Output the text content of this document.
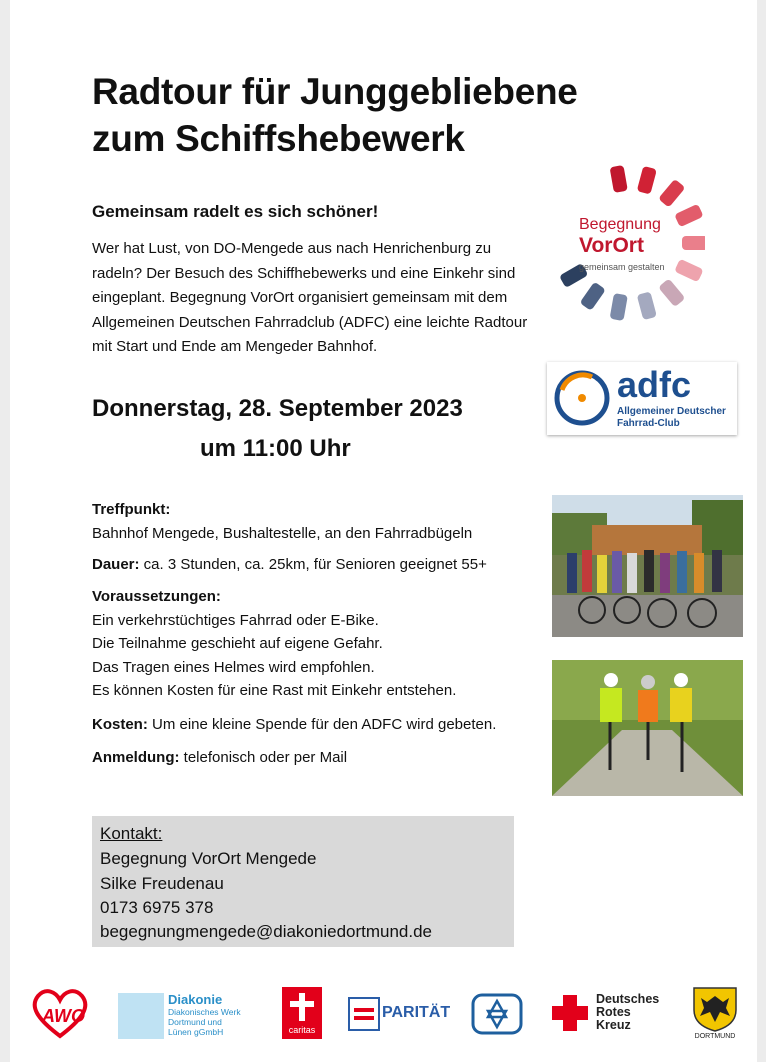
Radtour für Junggebliebene
zum Schiffshebewerk
Gemeinsam radelt es sich schöner!
Wer hat Lust, von DO-Mengede aus nach Henrichenburg zu radeln? Der Besuch des Schiffhebewerks und eine Einkehr sind eingeplant. Begegnung VorOrt organisiert gemeinsam mit dem Allgemeinen Deutschen Fahrradclub (ADFC) eine leichte Radtour mit Start und Ende am Mengeder Bahnhof.
Donnerstag, 28. September 2023
um 11:00 Uhr
Treffpunkt:
Bahnhof Mengede, Bushaltestelle, an den Fahrradbügeln
Dauer: ca. 3 Stunden, ca. 25km, für Senioren geeignet 55+
Voraussetzungen:
Ein verkehrstüchtiges Fahrrad oder E-Bike.
Die Teilnahme geschieht auf eigene Gefahr.
Das Tragen eines Helmes wird empfohlen.
Es können Kosten für eine Rast mit Einkehr entstehen.
Kosten: Um eine kleine Spende für den ADFC wird gebeten.
Anmeldung: telefonisch oder per Mail
Kontakt:
Begegnung VorOrt Mengede
Silke Freudenau
0173 6975 378
begegnungmengede@diakoniedortmund.de
Begegnung
VorOrt
gemeinsam gestalten
adfc
Allgemeiner Deutscher
Fahrrad-Club
AWO
Diakonie
Diakonisches Werk
Dortmund und
Lünen gGmbH	caritas
PARITÄT
Deutsches
Rotes
Kreuz
DORTMUND
